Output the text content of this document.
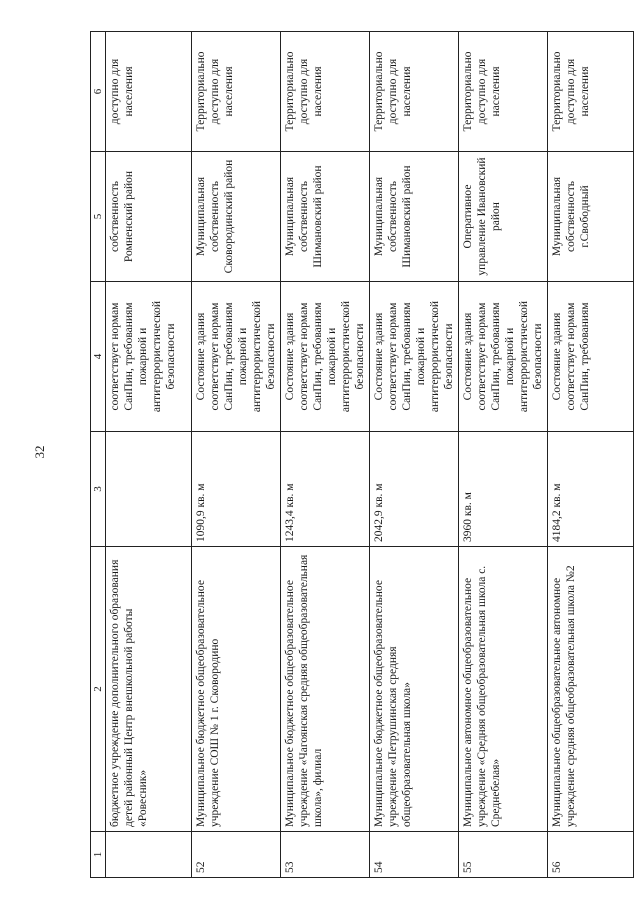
32
1	2	3	4	5	6
	бюджетное учреждение дополнительного образования детей районный Центр внешкольной работы «Ровесник»		соответствует нормам СанПин, требованиям пожарной и антитеррористической безопасности	собственность Ромненский район	доступно для населения
52	Муниципальное бюджетное общеобразовательное учреждение СОШ № 1 г. Сковородино	1090,9 кв. м	Состояние здания соответствует нормам СанПин, требованиям пожарной и антитеррористической безопасности	Муниципальная собственность Сковородинский район	Территориально доступно для населения
53	Муниципальное бюджетное общеобразовательное учреждение «Чагоянская средняя общеобразовательная школа», филиал	1243,4 кв. м	Состояние здания соответствует нормам СанПин, требованиям пожарной и антитеррористической безопасности	Муниципальная собственность Шимановский район	Территориально доступно для населения
54	Муниципальное бюджетное общеобразовательное учреждение «Петрушинская средняя общеобразовательная школа»	2042,9 кв. м	Состояние здания соответствует нормам СанПин, требованиям пожарной и антитеррористической безопасности	Муниципальная собственность Шимановский район	Территориально доступно для населения
55	Муниципальное автономное общеобразовательное учреждение «Средняя общеобразовательная школа с. Среднебелая»	3960 кв. м	Состояние здания соответствует нормам СанПин, требованиям пожарной и антитеррористической безопасности	Оперативное управление Ивановский район	Территориально доступно для населения
56	Муниципальное общеобразовательное автономное учреждение средняя общеобразовательная школа №2	4184,2 кв. м	Состояние здания соответствует нормам СанПин, требованиям	Муниципальная собственность г.Свободный	Территориально доступно для населения
